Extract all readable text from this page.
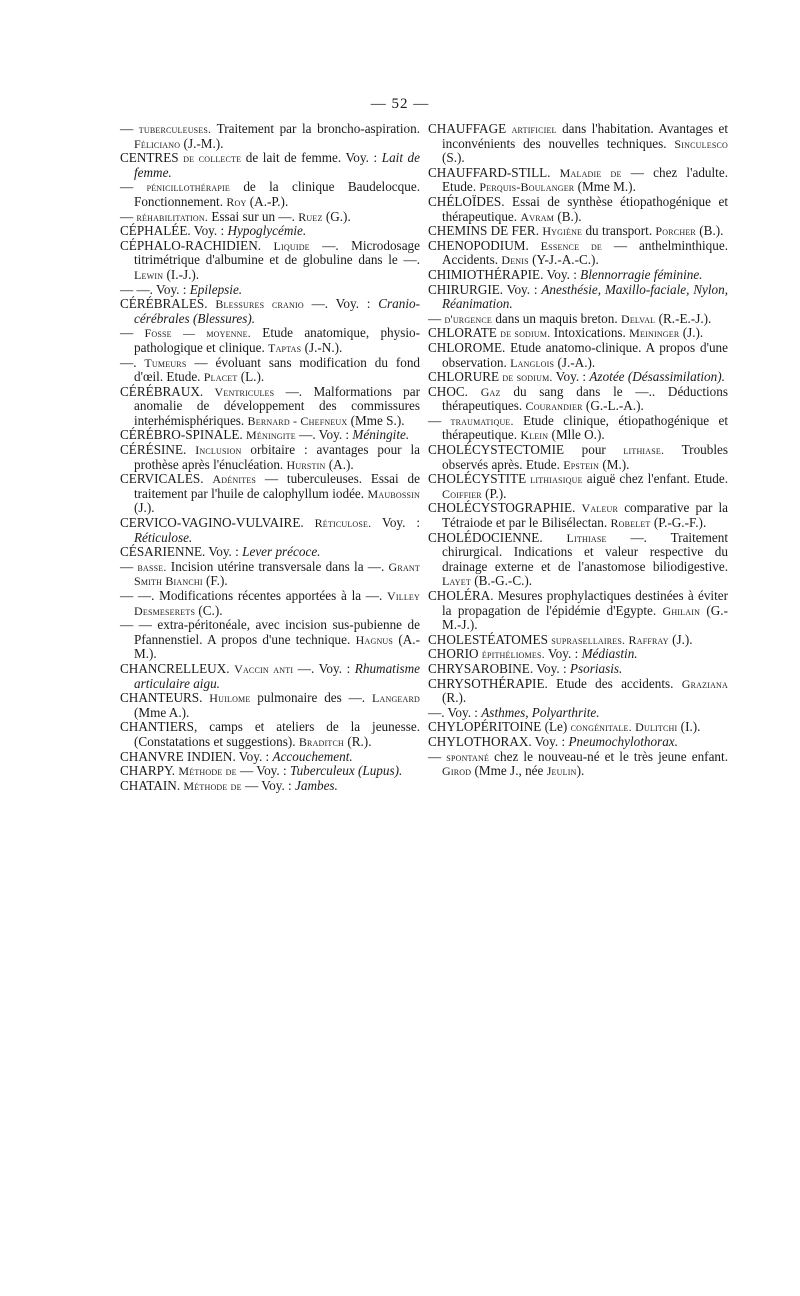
— 52 —

— tuberculeuses. Traitement par la broncho-aspiration. Féliciano (J.-M.).

CENTRES de collecte de lait de femme. Voy. : Lait de femme.

— pénicillothérapie de la clinique Baudelocque. Fonctionnement. Roy (A.-P.).

— réhabilitation. Essai sur un —. Ruez (G.).

CÉPHALÉE. Voy. : Hypoglycémie.

CÉPHALO-RACHIDIEN. Liquide —. Microdosage titrimétrique d'albumine et de globuline dans le —. Lewin (I.-J.).

— —. Voy. : Epilepsie.

CÉRÉBRALES. Blessures cranio —. Voy. : Cranio-cérébrales (Blessures).

— Fosse — moyenne. Etude anatomique, physio-pathologique et clinique. Taptas (J.-N.).

—. Tumeurs — évoluant sans modification du fond d'œil. Etude. Placet (L.).

CÉRÉBRAUX. Ventricules —. Malformations par anomalie de développement des commissures interhémisphériques. Bernard - Chefneux (Mme S.).

CÉRÉBRO-SPINALE. Méningite —. Voy. : Méningite.

CÉRÉSINE. Inclusion orbitaire : avantages pour la prothèse après l'énucléation. Hurstin (A.).

CERVICALES. Adénites — tuberculeuses. Essai de traitement par l'huile de calophyllum iodée. Maubossin (J.).

CERVICO-VAGINO-VULVAIRE. Réticulose. Voy. : Réticulose.

CÉSARIENNE. Voy. : Lever précoce.

— basse. Incision utérine transversale dans la —. Grant Smith Bianchi (F.).

— —. Modifications récentes apportées à la —. Villey Desmeserets (C.).

— — extra-péritonéale, avec incision sus-pubienne de Pfannenstiel. A propos d'une technique. Hagnus (A.-M.).

CHANCRELLEUX. Vaccin anti —. Voy. : Rhumatisme articulaire aigu.

CHANTEURS. Huilome pulmonaire des —. Langeard (Mme A.).

CHANTIERS, camps et ateliers de la jeunesse. (Constatations et suggestions). Braditch (R.).

CHANVRE INDIEN. Voy. : Accouchement.

CHARPY. Méthode de — Voy. : Tuberculeux (Lupus).

CHATAIN. Méthode de — Voy. : Jambes.

CHAUFFAGE artificiel dans l'habitation. Avantages et inconvénients des nouvelles techniques. Sinculesco (S.).

CHAUFFARD-STILL. Maladie de — chez l'adulte. Etude. Perquis-Boulanger (Mme M.).

CHÉLOÏDES. Essai de synthèse étiopathogénique et thérapeutique. Avram (B.).

CHEMINS DE FER. Hygiène du transport. Porcher (B.).

CHENOPODIUM. Essence de — anthelminthique. Accidents. Denis (Y-J.-A.-C.).

CHIMIOTHÉRAPIE. Voy. : Blennorragie féminine.

CHIRURGIE. Voy. : Anesthésie, Maxillo-faciale, Nylon, Réanimation.

— d'urgence dans un maquis breton. Delval (R.-E.-J.).

CHLORATE de sodium. Intoxications. Meininger (J.).

CHLOROME. Etude anatomo-clinique. A propos d'une observation. Langlois (J.-A.).

CHLORURE de sodium. Voy. : Azotée (Désassimilation).

CHOC. Gaz du sang dans le —.. Déductions thérapeutiques. Courandier (G.-L.-A.).

— traumatique. Etude clinique, étiopathogénique et thérapeutique. Klein (Mlle O.).

CHOLÉCYSTECTOMIE pour lithiase. Troubles observés après. Etude. Epstein (M.).

CHOLÉCYSTITE lithiasique aiguë chez l'enfant. Etude. Coiffier (P.).

CHOLÉCYSTOGRAPHIE. Valeur comparative par la Tétraiode et par le Bilisélectan. Robelet (P.-G.-F.).

CHOLÉDOCIENNE. Lithiase —. Traitement chirurgical. Indications et valeur respective du drainage externe et de l'anastomose biliodigestive. Layet (B.-G.-C.).

CHOLÉRA. Mesures prophylactiques destinées à éviter la propagation de l'épidémie d'Egypte. Ghilain (G.-M.-J.).

CHOLESTÉATOMES suprasellaires. Raffray (J.).

CHORIO épithéliomes. Voy. : Médiastin.

CHRYSAROBINE. Voy. : Psoriasis.

CHRYSOTHÉRAPIE. Etude des accidents. Graziana (R.).

—. Voy. : Asthmes, Polyarthrite.

CHYLOPÉRITOINE (Le) congénitale. Dulitchi (I.).

CHYLOTHORAX. Voy. : Pneumochylothorax.

— spontané chez le nouveau-né et le très jeune enfant. Girod (Mme J., née Jeulin).
